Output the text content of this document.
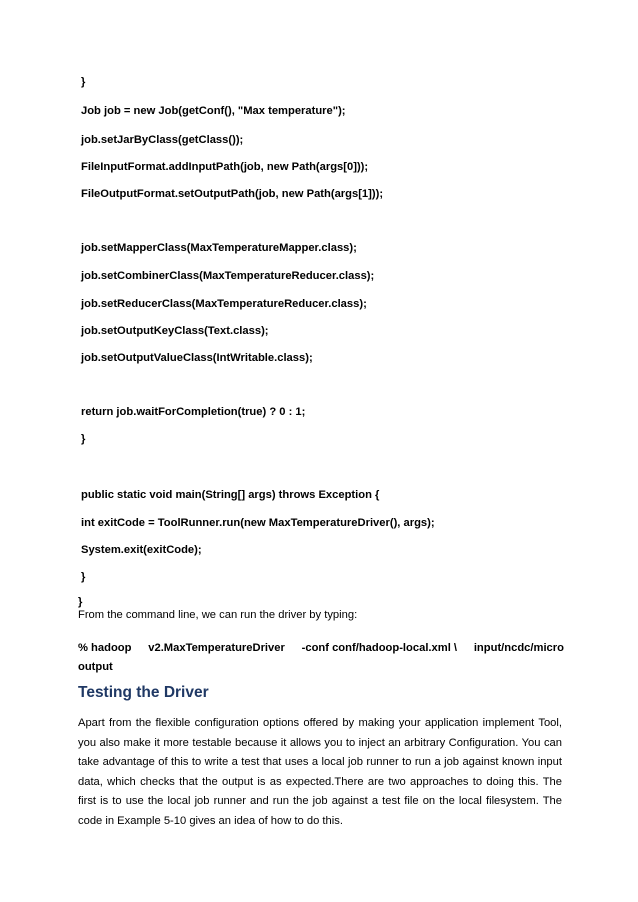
}
Job job = new Job(getConf(), "Max temperature");
job.setJarByClass(getClass());
FileInputFormat.addInputPath(job, new Path(args[0]));
FileOutputFormat.setOutputPath(job, new Path(args[1]));
job.setMapperClass(MaxTemperatureMapper.class);
job.setCombinerClass(MaxTemperatureReducer.class);
job.setReducerClass(MaxTemperatureReducer.class);
job.setOutputKeyClass(Text.class);
job.setOutputValueClass(IntWritable.class);
return job.waitForCompletion(true) ? 0 : 1;
}
public static void main(String[] args) throws Exception {
int exitCode = ToolRunner.run(new MaxTemperatureDriver(), args);
System.exit(exitCode);
}
}
From the command line, we can run the driver by typing:
% hadoop v2.MaxTemperatureDriver -conf conf/hadoop-local.xml \ input/ncdc/micro
output
Testing the Driver
Apart from the flexible configuration options offered by making your application implement Tool, you also make it more testable because it allows you to inject an arbitrary Configuration. You can take advantage of this to write a test that uses a local job runner to run a job against known input data, which checks that the output is as expected.There are two approaches to doing this. The first is to use the local job runner and run the job against a test file on the local filesystem. The code in Example 5-10 gives an idea of how to do this.
